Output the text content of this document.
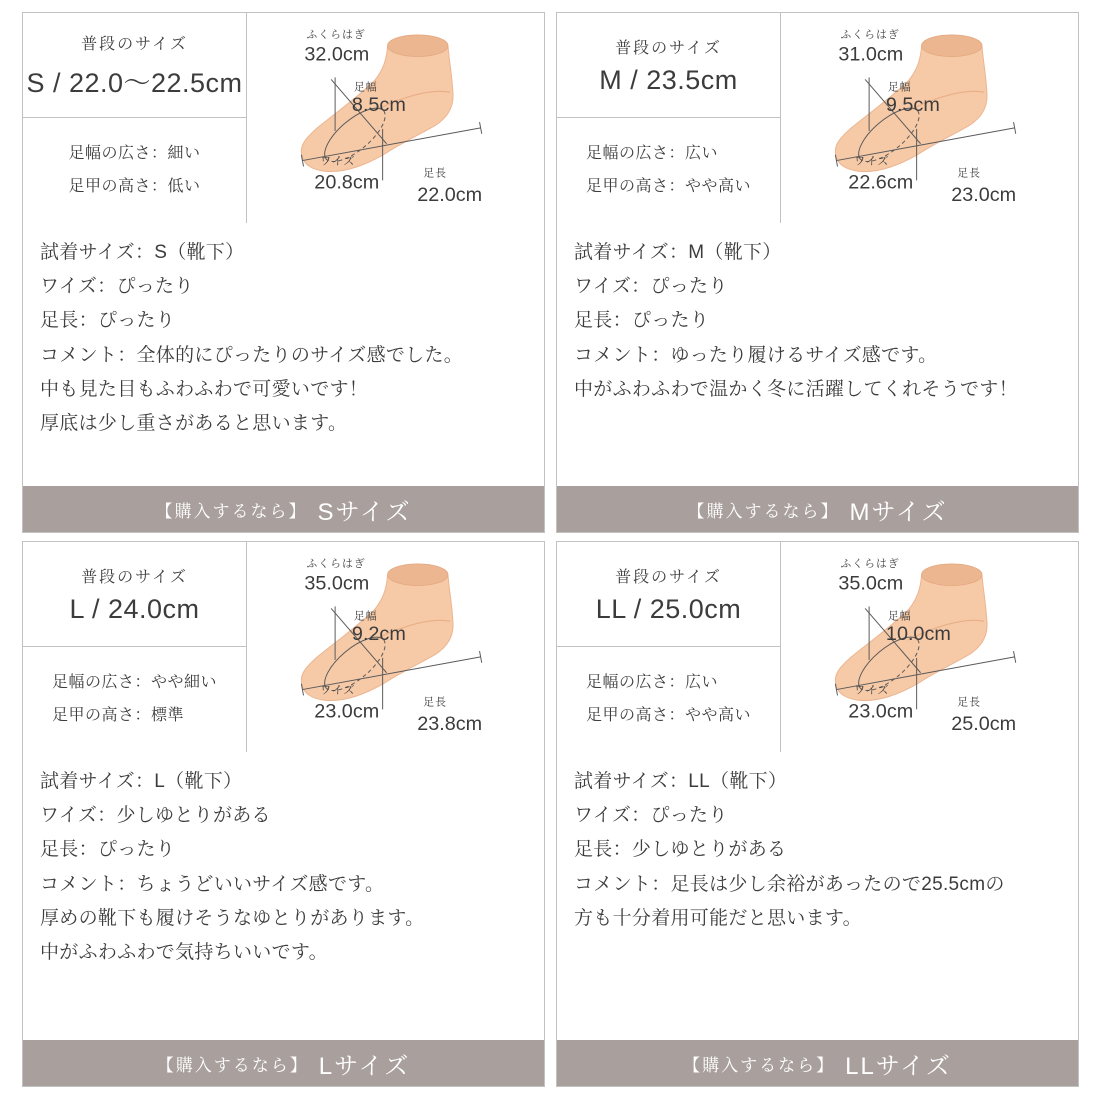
普段のサイズ
S / 22.0〜22.5cm
足幅の広さ：細い
足甲の高さ：低い
ふくらはぎ
32.0cm
足幅
8.5cm
ワイズ
20.8cm	足長
22.0cm
試着サイズ：S（靴下）
ワイズ：ぴったり
足長：ぴったり
コメント：全体的にぴったりのサイズ感でした。
中も見た目もふわふわで可愛いです！
厚底は少し重さがあると思います。
【購入するなら】 Sサイズ
普段のサイズ
M / 23.5cm
足幅の広さ：広い
足甲の高さ：やや高い
ふくらはぎ
31.0cm
足幅
9.5cm
ワイズ
22.6cm	足長
23.0cm
試着サイズ：M（靴下）
ワイズ：ぴったり
足長：ぴったり
コメント：ゆったり履けるサイズ感です。
中がふわふわで温かく冬に活躍してくれそうです！
【購入するなら】 Mサイズ
普段のサイズ
L / 24.0cm
足幅の広さ：やや細い
足甲の高さ：標準
ふくらはぎ
35.0cm
足幅
9.2cm
ワイズ
23.0cm	足長
23.8cm
試着サイズ：L（靴下）
ワイズ：少しゆとりがある
足長：ぴったり
コメント：ちょうどいいサイズ感です。
厚めの靴下も履けそうなゆとりがあります。
中がふわふわで気持ちいいです。
【購入するなら】 Lサイズ
普段のサイズ
LL / 25.0cm
足幅の広さ：広い
足甲の高さ：やや高い
ふくらはぎ
35.0cm
足幅
10.0cm
ワイズ
23.0cm	足長
25.0cm
試着サイズ：LL（靴下）
ワイズ：ぴったり
足長：少しゆとりがある
コメント：足長は少し余裕があったので25.5cmの
方も十分着用可能だと思います。
【購入するなら】 LLサイズ
